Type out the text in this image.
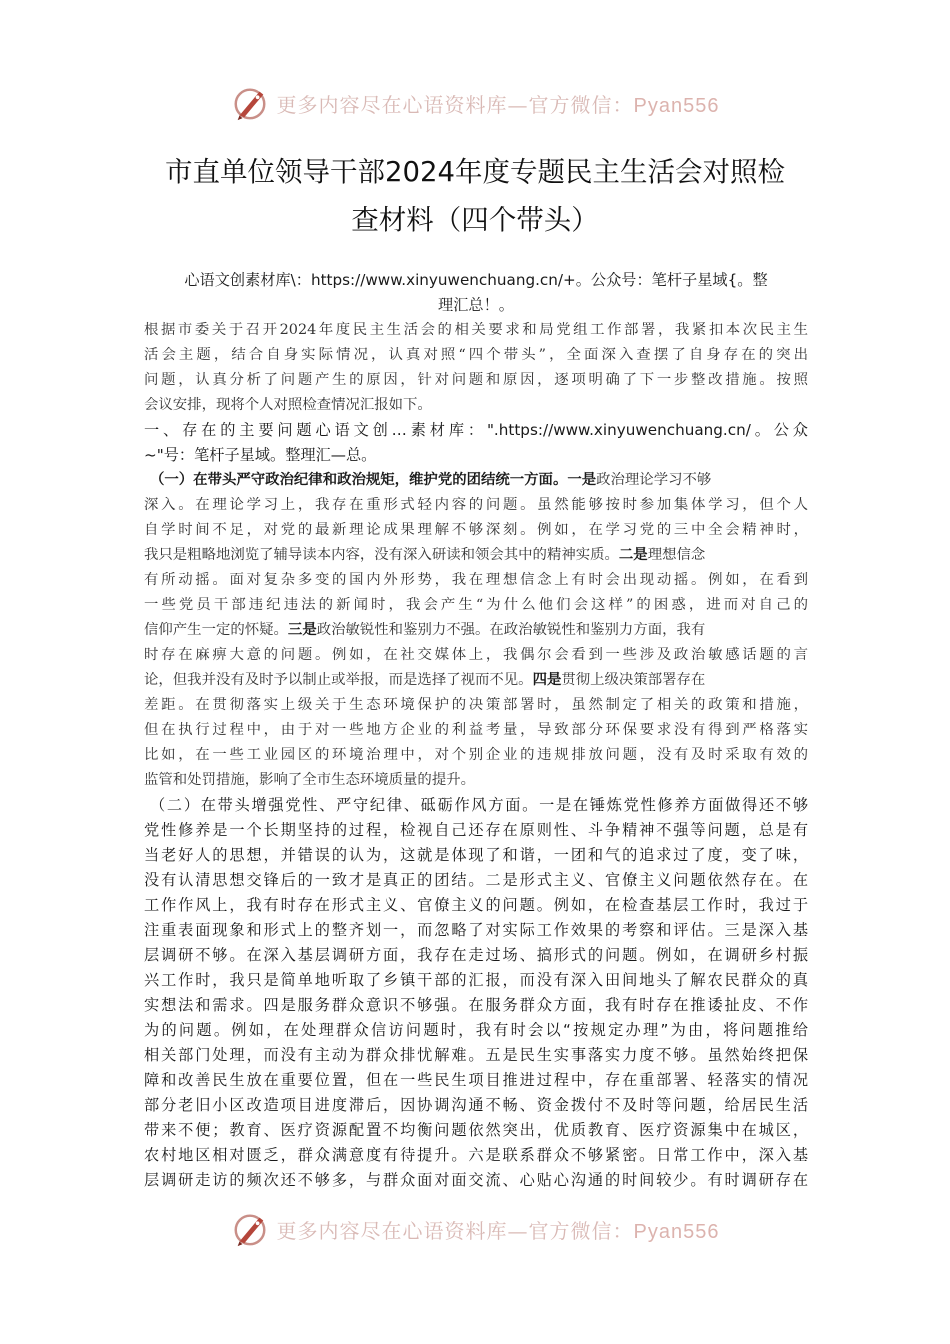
更多内容尽在心语资料库—官方微信：Pyan556
市直单位领导干部2024年度专题民主生活会对照检
查材料（四个带头）
心语文创素材库\：https://www.xinyuwenchuang.cn/+。公众号：笔杆子星域{。整
理汇总！。
根据市委关于召开2024年度民主生活会的相关要求和局党组工作部署，我紧扣本次民主生
活会主题，结合自身实际情况，认真对照“四个带头”，全面深入查摆了自身存在的突出
问题，认真分析了问题产生的原因，针对问题和原因，逐项明确了下一步整改措施。按照
会议安排，现将个人对照检查情况汇报如下。
一、存在的主要问题心语文创…素材库：".https://www.xinyuwenchuang.cn/。公众
~"号：笔杆子星域。整理汇—总。
（一）在带头严守政治纪律和政治规矩，维护党的团结统一方面。一是政治理论学习不够
深入。在理论学习上，我存在重形式轻内容的问题。虽然能够按时参加集体学习，但个人
自学时间不足，对党的最新理论成果理解不够深刻。例如，在学习党的三中全会精神时，
我只是粗略地浏览了辅导读本内容，没有深入研读和领会其中的精神实质。二是理想信念
有所动摇。面对复杂多变的国内外形势，我在理想信念上有时会出现动摇。例如，在看到
一些党员干部违纪违法的新闻时，我会产生“为什么他们会这样”的困惑，进而对自己的
信仰产生一定的怀疑。三是政治敏锐性和鉴别力不强。在政治敏锐性和鉴别力方面，我有
时存在麻痹大意的问题。例如，在社交媒体上，我偶尔会看到一些涉及政治敏感话题的言
论，但我并没有及时予以制止或举报，而是选择了视而不见。四是贯彻上级决策部署存在
差距。在贯彻落实上级关于生态环境保护的决策部署时，虽然制定了相关的政策和措施，
但在执行过程中，由于对一些地方企业的利益考量，导致部分环保要求没有得到严格落实
比如，在一些工业园区的环境治理中，对个别企业的违规排放问题，没有及时采取有效的
监管和处罚措施，影响了全市生态环境质量的提升。
（二）在带头增强党性、严守纪律、砥砺作风方面。一是在锤炼党性修养方面做得还不够
党性修养是一个长期坚持的过程，检视自己还存在原则性、斗争精神不强等问题，总是有
当老好人的思想，并错误的认为，这就是体现了和谐，一团和气的追求过了度，变了味，
没有认清思想交锋后的一致才是真正的团结。二是形式主义、官僚主义问题依然存在。在
工作作风上，我有时存在形式主义、官僚主义的问题。例如，在检查基层工作时，我过于
注重表面现象和形式上的整齐划一，而忽略了对实际工作效果的考察和评估。三是深入基
层调研不够。在深入基层调研方面，我存在走过场、搞形式的问题。例如，在调研乡村振
兴工作时，我只是简单地听取了乡镇干部的汇报，而没有深入田间地头了解农民群众的真
实想法和需求。四是服务群众意识不够强。在服务群众方面，我有时存在推诿扯皮、不作
为的问题。例如，在处理群众信访问题时，我有时会以“按规定办理”为由，将问题推给
相关部门处理，而没有主动为群众排忧解难。五是民生实事落实力度不够。虽然始终把保
障和改善民生放在重要位置，但在一些民生项目推进过程中，存在重部署、轻落实的情况
部分老旧小区改造项目进度滞后，因协调沟通不畅、资金拨付不及时等问题，给居民生活
带来不便；教育、医疗资源配置不均衡问题依然突出，优质教育、医疗资源集中在城区，
农村地区相对匮乏，群众满意度有待提升。六是联系群众不够紧密。日常工作中，深入基
层调研走访的频次还不够多，与群众面对面交流、心贴心沟通的时间较少。有时调研存在
更多内容尽在心语资料库—官方微信：Pyan556
